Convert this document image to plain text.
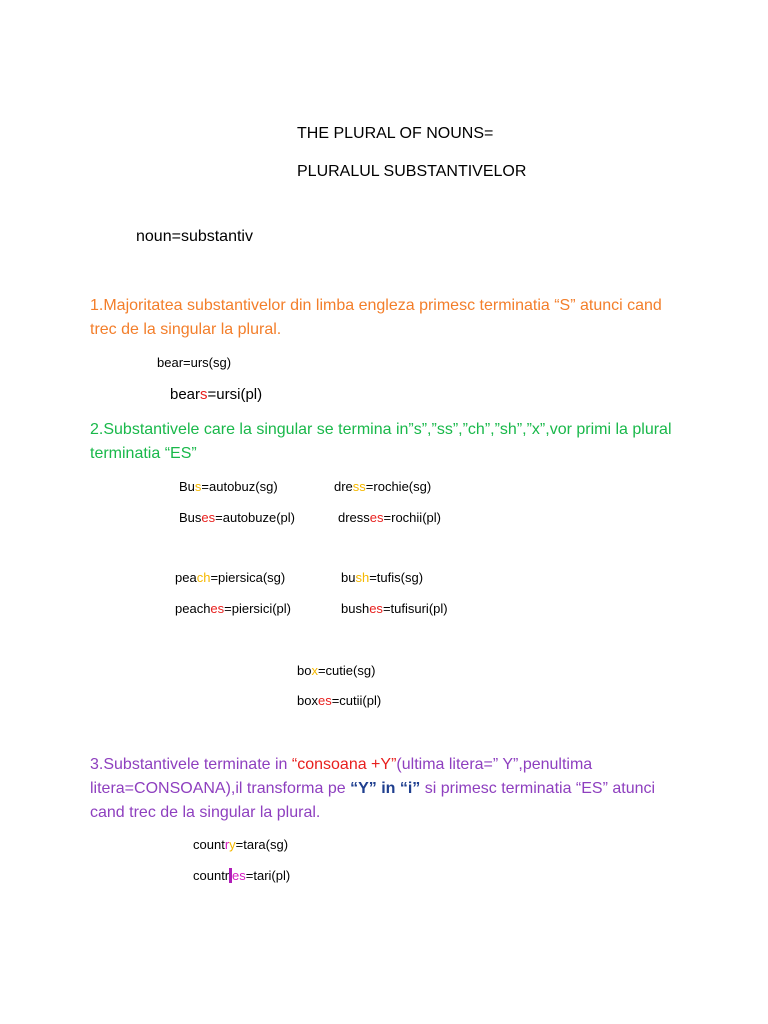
THE PLURAL OF NOUNS=
PLURALUL SUBSTANTIVELOR
noun=substantiv
1.Majoritatea substantivelor din limba engleza primesc terminatia “S” atunci cand trec de la singular la plural.
bear=urs(sg)
bears=ursi(pl)
2.Substantivele care la singular se termina in”s”,”ss”,”ch”,”sh”,”x”,vor primi la plural terminatia “ES”
Bus=autobuz(sg)	dress=rochie(sg)
Buses=autobuze(pl)	dresses=rochii(pl)
peach=piersica(sg)	bush=tufis(sg)
peaches=piersici(pl)	bushes=tufisuri(pl)
box=cutie(sg)
boxes=cutii(pl)
3.Substantivele terminate in “consoana +Y”(ultima litera=” Y”,penultima litera=CONSOANA),il transforma pe “Y” in “i” si primesc terminatia “ES” atunci cand trec de la singular la plural.
country=tara(sg)
countries=tari(pl)
